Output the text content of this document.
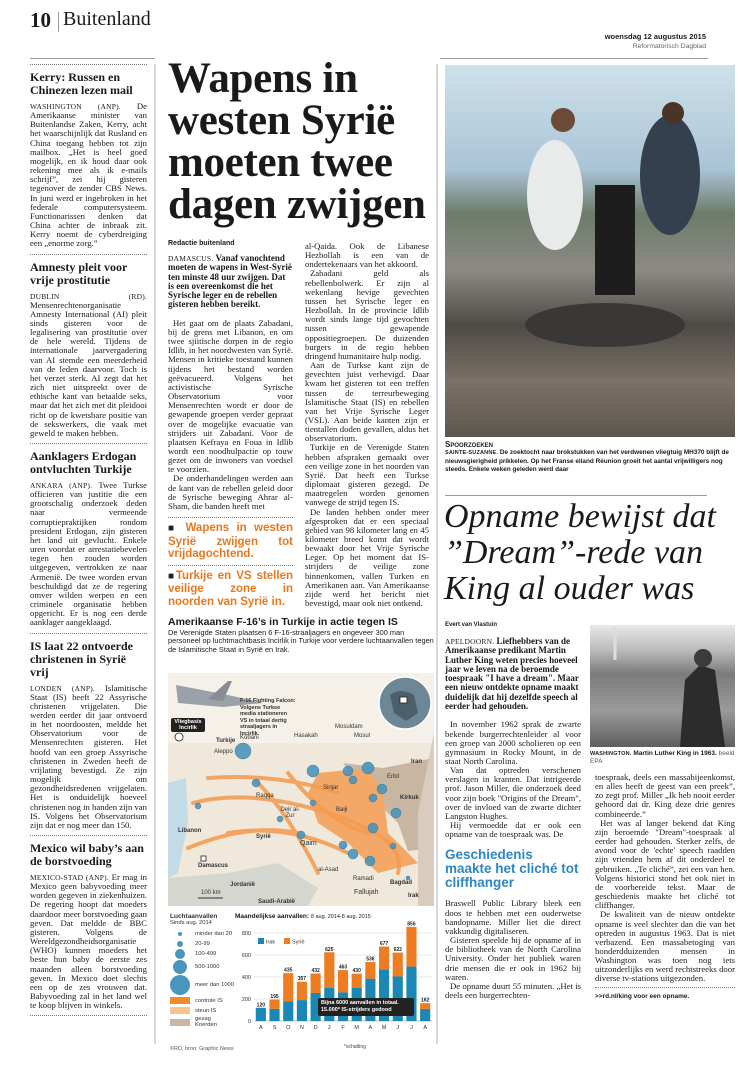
10 Buitenland
woensdag 12 augustus 2015
Reformatorisch Dagblad
Kerry: Russen en Chinezen lezen mail
WASHINGTON (ANP). De Amerikaanse minister van Buitenlandse Zaken, Kerry, acht het waarschijnlijk dat Rusland en China toegang hebben tot zijn mailbox. „Het is heel goed mogelijk, en ik houd daar ook rekening mee als ik e-mails schrijf”, zei hij gisteren tegenover de zender CBS News. In juni werd er ingebroken in het federale computersysteem. Functionarissen denken dat China achter de inbraak zit. Kerry noemt de cyberdreiging een „enorme zorg.”
Amnesty pleit voor vrije prostitutie
DUBLIN (RD). Mensenrechtenorganisatie Amnesty International (AI) pleit sinds gisteren voor de legalisering van prostitutie over de hele wereld. Tijdens de internationale jaarvergadering van AI stemde een meerderheid van de leden daarvoor. Toch is het verzet sterk. AI zegt dat het zich niet uitspreekt over de ethische kant van betaalde seks, maar dat het zich met dit pleidooi richt op de kwetsbare positie van de sekswerkers, die vaak met geweld te maken hebben.
Aanklagers Erdogan ontvluchten Turkije
ANKARA (ANP). Twee Turkse officieren van justitie die een grootschalig onderzoek deden naar vermeende corruptiepraktijken rondom president Erdogan, zijn gisteren het land uit gevlucht. Enkele uren voordat er arrestatiebevelen tegen hen zouden worden uitgegeven, vertrokken ze naar Armenië. De twee worden ervan beschuldigd dat ze de regering omver wilden werpen en een criminele organisatie hebben opgericht. Er is nog een derde aanklager aangeklaagd.
IS laat 22 ontvoerde christenen in Syrië vrij
LONDEN (ANP). Islamitische Staat (IS) heeft 22 Assyrische christenen vrijgelaten. Die werden eerder dit jaar ontvoerd in het noordoosten, meldde het Observatorium voor de Mensenrechten gisteren. Het hoofd van een groep Assyrische christenen in Zweden heeft de vrijlating bevestigd. Ze zijn mogelijk om gezondheidsredenen vrijgelaten. Het is onduidelijk hoeveel christenen nog in handen zijn van IS. Volgens het Observatorium zijn dat er nog meer dan 150.
Mexico wil baby’s aan de borstvoeding
MEXICO-STAD (ANP). Er mag in Mexico geen babyvoeding meer worden gegeven in ziekenhuizen. De regering hoopt dat moeders daardoor meer borstvoeding gaan geven. Dat meldde de BBC gisteren. Volgens de Wereldgezondheidsorganisatie (WHO) kunnen moeders het beste hun baby de eerste zes maanden alleen borstvoeding geven. In Mexico doet slechts een op de zes vrouwen dat. Babyvoeding zal in het land wel te koop blijven in winkels.
Wapens in westen Syrië moeten twee dagen zwijgen
Redactie buitenland

DAMASCUS. Vanaf vanochtend moeten de wapens in West-Syrië ten minste 48 uur zwijgen. Dat is een overeenkomst die het Syrische leger en de rebellen gisteren hebben bereikt.

Het gaat om de plaats Zabadani, bij de grens met Libanon, en om twee sjiitische dorpen in de regio Idlib, in het noordwesten van Syrië. Mensen in kritieke toestand kunnen tijdens het bestand worden geëvacueerd. Volgens het activistische Syrische Observatorium voor Mensenrechten wordt er door de gewapende groepen verder gepraat over de mogelijke evacuatie van strijders uit Zabadani. Voor de plaatsen Kefraya en Foua in Idlib wordt een noodhulpactie op touw gezet om de inwoners van voedsel te voorzien.

De onderhandelingen werden aan de kant van de rebellen geleid door de Syrische beweging Ahrar al-Sham, die banden heeft met

■ Wapens in westen Syrië zwijgen tot vrijdagochtend.
■Turkije en VS stellen veilige zone in noorden van Syrië in.

al-Qaida. Ook de Libanese Hezbollah is een van de ondertekenaars van het akkoord.

Zabadani geld als rebellenbolwerk. Er zijn al wekenlang hevige gevechten tussen het Syrische leger en Hezbollah. In de provincie Idlib wordt sinds lange tijd gevochten tussen gewapende oppositiegroepen. De duizenden burgers in de regio hebben dringend humanitaire hulp nodig.

Aan de Turkse kant zijn de gevechten juist verhevigd. Daar kwam het gisteren tot een treffen tussen de terreurbeweging Islamitische Staat (IS) en rebellen van het Vrije Syrische Leger (VSL). Aan beide kanten zijn er tientallen doden gevallen, aldus het observatorium.

Turkije en de Verenigde Staten hebben afspraken gemaakt over een veilige zone in het noorden van Syrië. Dat heeft een Turkse diplomaat gisteren gezegd. De maatregelen worden genomen vanwege de strijd tegen IS.

De landen hebben onder meer afgesproken dat er een speciaal gebied van 98 kilometer lang en 45 kilometer breed komt dat wordt bewaakt door het Vrije Syrische Leger. Op het moment dat IS-strijders de veilige zone binnenkomen, vallen Turken en Amerikanen aan. Van Amerikaanse zijde werd het bericht niet bevestigd, maar ook niet ontkend.

Amerikaanse F-16’s in Turkije in actie tegen IS
De Verenigde Staten plaatsen 6 F-16-straaljagers en ongeveer 300 man personeel op luchtmachtbasis Incirlik in Turkije voor verdere luchtaanvallen tegen de Islamitische Staat in Syrië en Irak.
F-16 Fighting Falcon:
Volgens Turkse media stationeren VS in totaal dertig straaljagers in Incirlik.
Vliegbasis Incirlik
Turkije Kobani
Aleppo
Hasakah
Mosuldam
Mosul
Iran
Erbil
Sinjar
Kirkuk
Raqqa
Baiji
Deir al-Zur
Libanon
Syrië
Qaim
Damascus
al-Asad
Ramadi
Bagdad
Jordanië
Fallujah	Irak
100 km
Saudi-Arabië
Luchtaanvallen
Sinds aug. 2014
minder dan 20
20-99
100-499
500-1000
meer dan 1000
controle IS
steun IS
gezag Koerden
©RD, bron: Graphic News
Maandelijkse aanvallen: 8 aug. 2014-8 aug. 2015
0
200
400
600
800
120
A
195
S
435
O
357
N
432
D
625
J
463
F
430
M
536
A
677
M
622
J
856
J
162
A
Irak	Syrië
Bijna 6000 aanvallen in totaal. 15.000* IS-strijders gedood
*schatting
Spoorzoeken
SAINTE-SUZANNE. De zoektocht naar brokstukken van het verdwenen vliegtuig MH370 blijft de nieuwsgierigheid prikkelen. Op het Franse eiland Réunion groeit het aantal vrijwilligers nog steeds. Enkele weken geleden werd daar
Opname bewijst dat ”Dream”-rede van King al ouder was
Evert van Vlastuin

APELDOORN. Liefhebbers van de Amerikaanse predikant Martin Luther King weten precies hoeveel jaar we leven na de beroemde toespraak "I have a dream". Maar een nieuw ontdekte opname maakt duidelijk dat hij dezelfde speech al eerder had gehouden.

In november 1962 sprak de zwarte bekende burgerrechtenleider al voor een groep van 2000 scholieren op een gymnasium in Rocky Mount, in de staat North Carolina.

Van dat optreden verschenen verslagen in kranten. Dat intrigeerde prof. Jason Miller, die onderzoek deed voor zijn boek "Origins of the Dream", over de invloed van de zwarte dichter Langston Hughes.

Hij vermoedde dat er ook een opname van de toespraak was. De

Geschiedenis maakte het cliché tot cliffhanger

Braswell Public Library bleek een doos te hebben met een ouderwetse bandopname. Miller liet die direct vakkundig digitaliseren.

Gisteren speelde hij de opname af in de bibliotheek van de North Carolina University. Onder het publiek waren drie mensen die er ook in 1962 bij waren.

De opname duurt 55 minuten. „Het is deels een burgerrechten-

WASHINGTON. Martin Luther King in 1963. beeld EPA

toespraak, deels een massabijeenkomst, en alles heeft de geest van een preek”, zo zegt prof. Miller „Ik heb nooit eerder gehoord dat dr. King deze drie genres combineerde.”

Het was al langer bekend dat King zijn beroemde "Dream"-toespraak al eerder had gehouden. Sterker zelfs, de avond voor de 'echte' speech raadden zijn vrienden hem af dit onderdeel te gebruiken. „Te cliché”, zei een van hen. Volgens historici stond het ook niet in de voorbereide tekst. Maar de geschiedenis maakte het cliché tot cliffhanger.

De kwaliteit van de nieuw ontdekte opname is veel slechter dan die van het optreden in augustus 1963. Dat is niet verbazend. Een massabetoging van honderdduizenden mensen in Washington was toen nog iets uitzonderlijks en werd rechtstreeks door diverse tv-stations uitgezonden.

>>rd.nl/king voor een opname.
